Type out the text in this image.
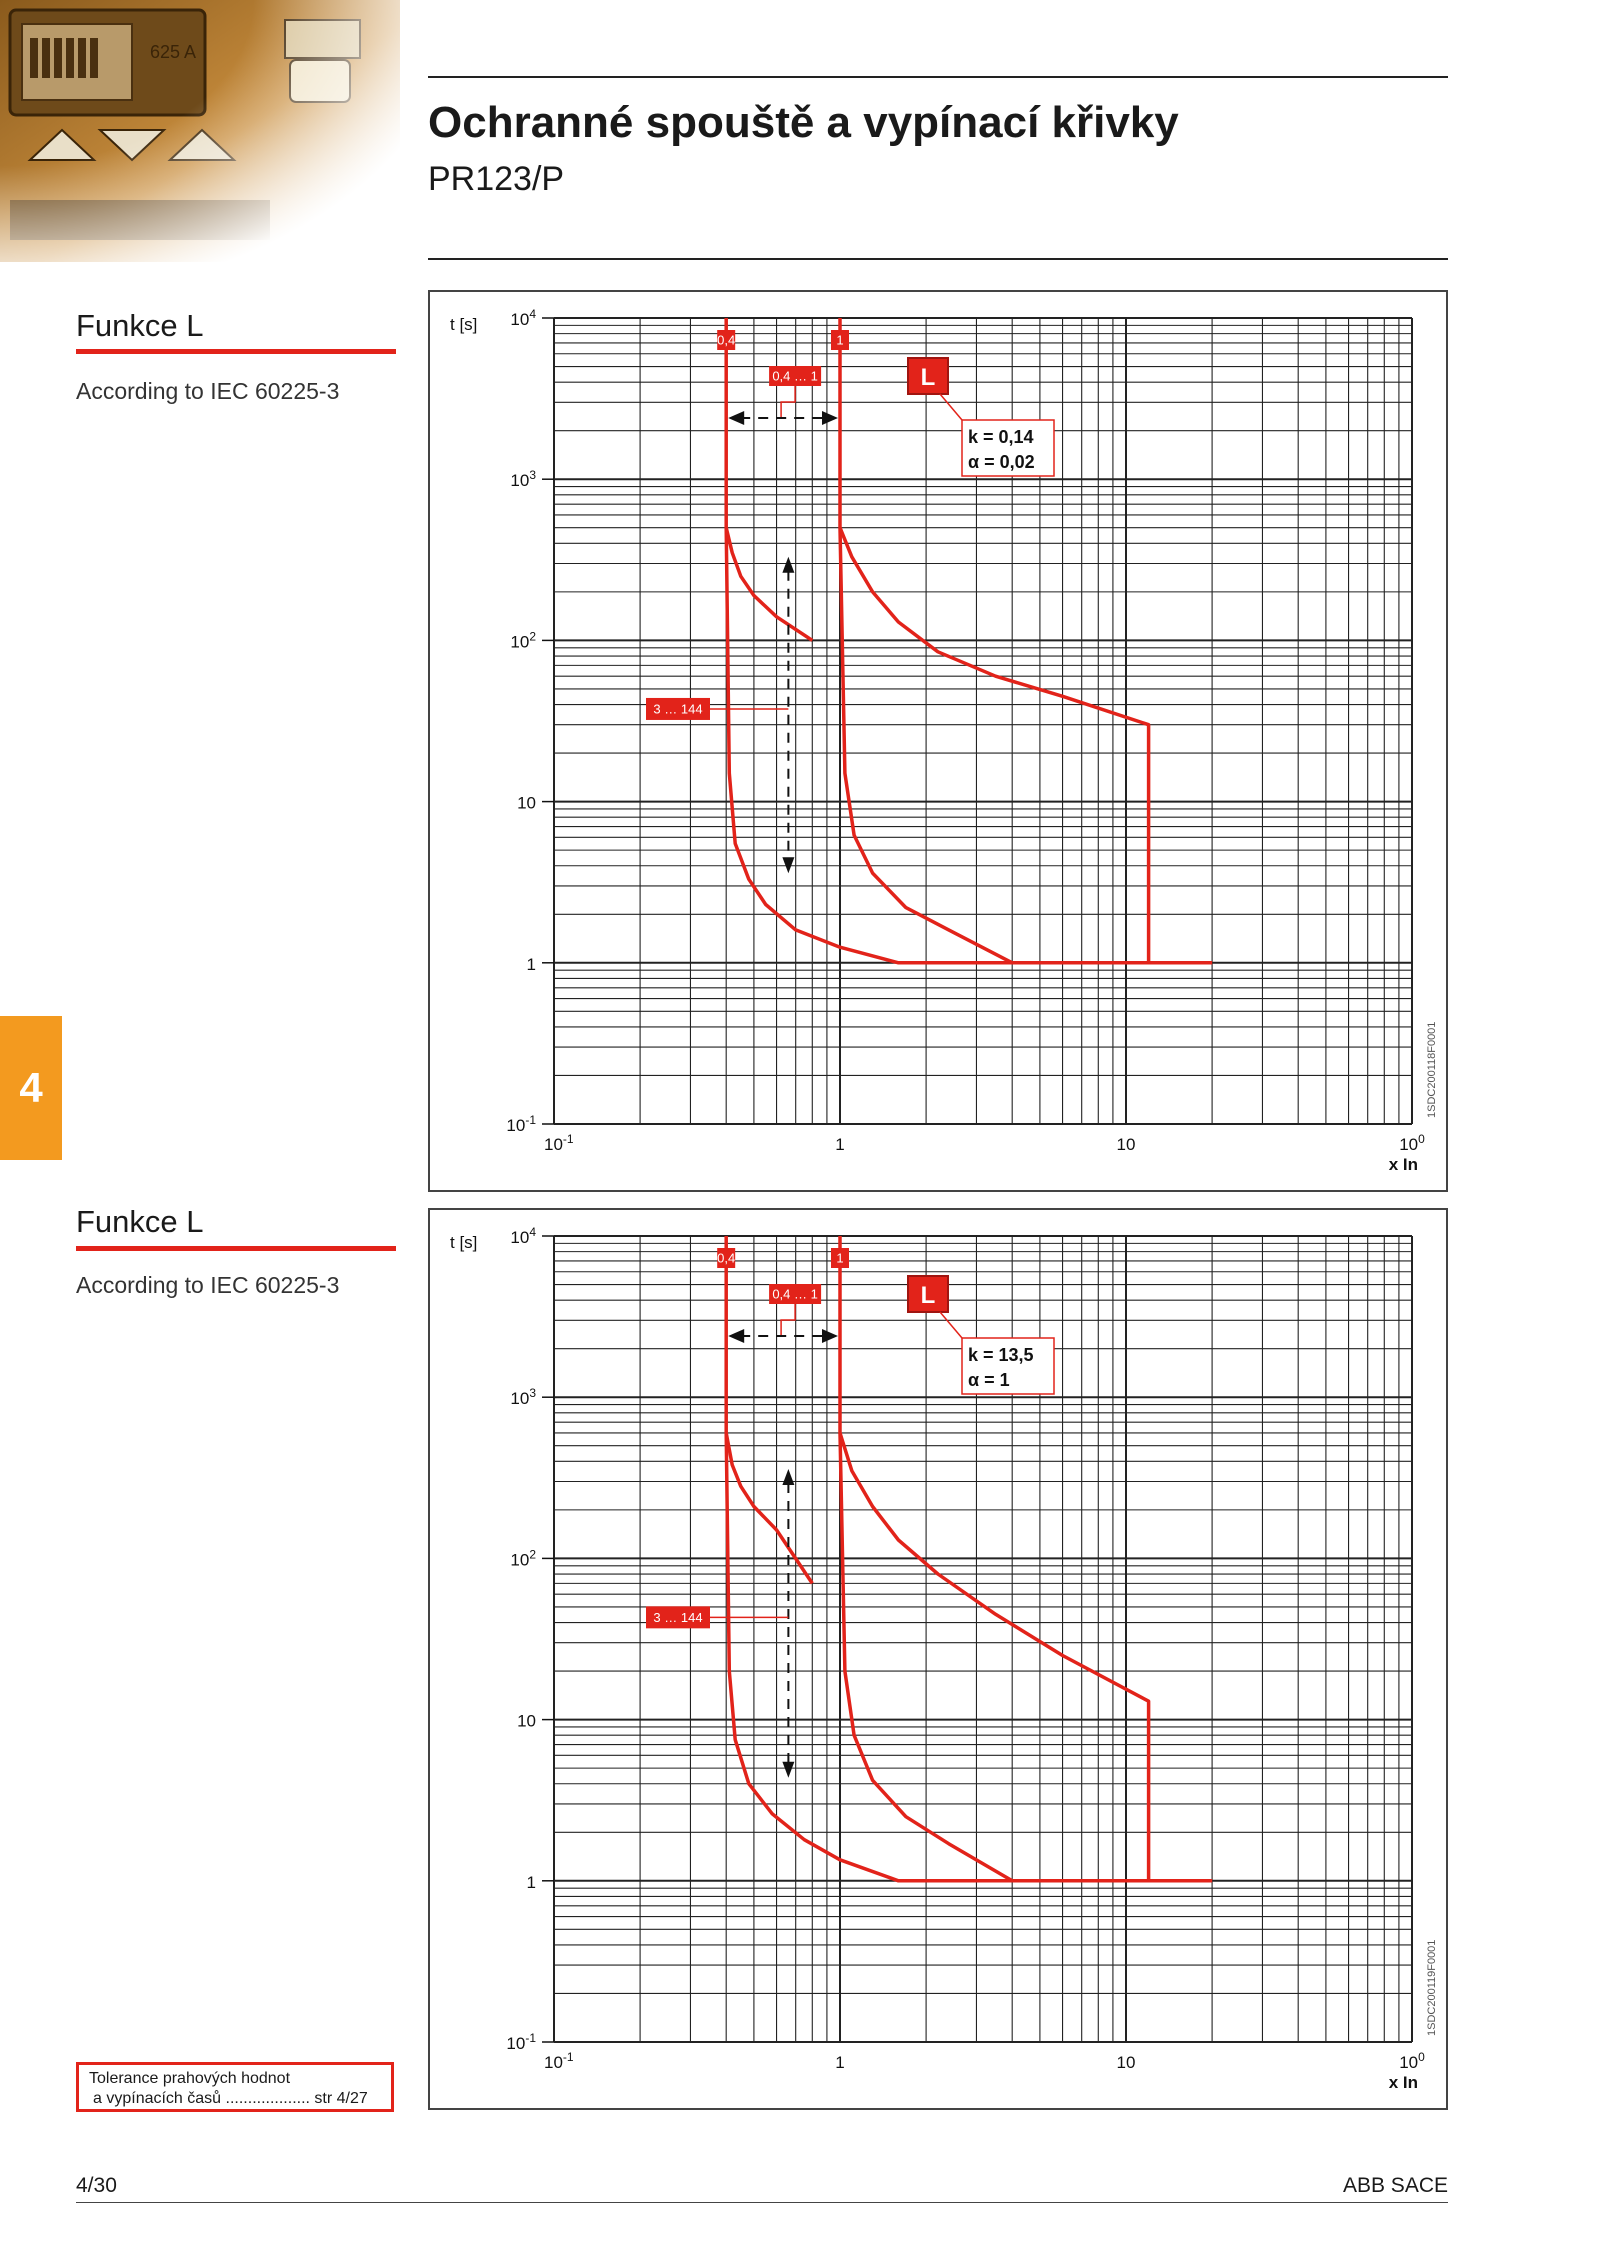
Ochranné spouště a vypínací křivky
PR123/P
Funkce L
According to IEC 60225-3
Funkce L
According to IEC 60225-3
4
$10^{-1}$
1
10
$10^2$
$10^3$
$10^4$
$10^{-1}$	1	10	$10^0$
t [s]
x In
1SDC200118F0001
0,4	1
0,4 … 1	L
k = 0,14
α = 0,02
3 … 144
$10^{-1}$
1
10
$10^2$
$10^3$
$10^4$
$10^{-1}$	1	10	$10^0$
t [s]
x In
1SDC200119F0001
0,4	1
0,4 … 1	L
k = 13,5
α = 1
3 … 144
Tolerance prahových hodnot
a vypínacích časů ................... str 4/27
4/30	ABB SACE
